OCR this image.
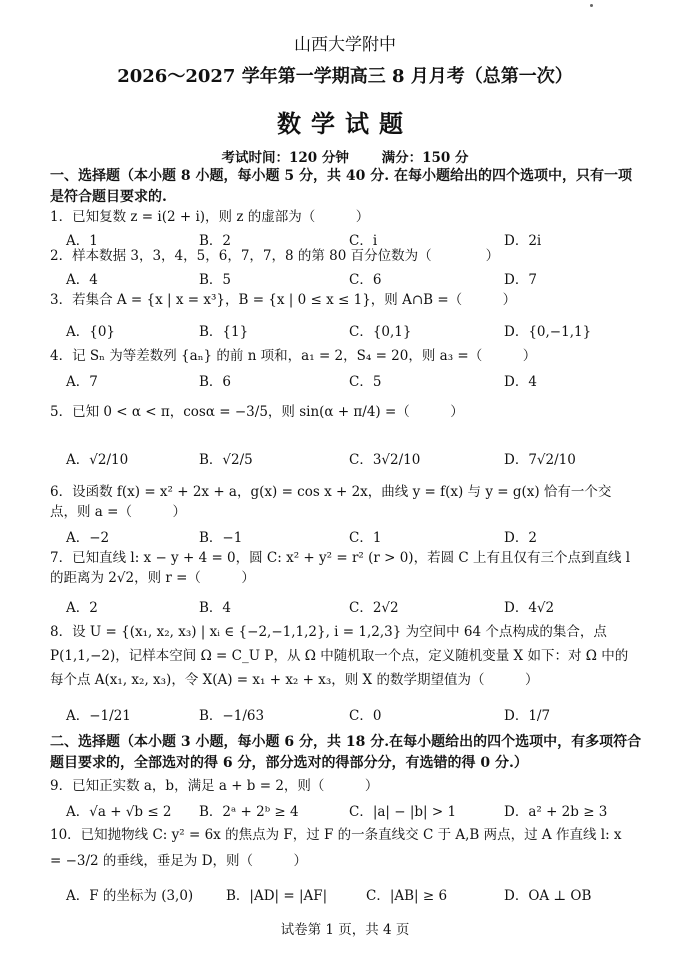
山西大学附中
2026～2027 学年第一学期高三 8 月月考（总第一次）
数学试题
考试时间：120 分钟 满分：150 分
一、选择题（本小题 8 小题，每小题 5 分，共 40 分. 在每小题给出的四个选项中，只有一项是符合题目要求的.
1．已知复数 z = i(2 + i)，则 z 的虚部为（　　　）
A．1	B．2	C．i	D．2i
2．样本数据 3，3，4，5，6，7，7，8 的第 80 百分位数为（　　　　）
A．4	B．5	C．6	D．7
3．若集合 A = {x | x = x³}，B = {x | 0 ≤ x ≤ 1}，则 A∩B =（　　　）
A．{0}	B．{1}	C．{0,1}	D．{0,−1,1}
4．记 Sₙ 为等差数列 {aₙ} 的前 n 项和，a₁ = 2，S₄ = 20，则 a₃ =（　　　）
A．7	B．6	C．5	D．4
5．已知 0 < α < π，cosα = −3/5，则 sin(α + π/4) =（　　　）
A．√2/10	B．√2/5	C．3√2/10	D．7√2/10
6．设函数 f(x) = x² + 2x + a，g(x) = cos x + 2x，曲线 y = f(x) 与 y = g(x) 恰有一个交点，则 a =（　　　）
A．−2	B．−1	C．1	D．2
7．已知直线 l: x − y + 4 = 0，圆 C: x² + y² = r² (r > 0)，若圆 C 上有且仅有三个点到直线 l 的距离为 2√2，则 r =（　　　）
A．2	B．4	C．2√2	D．4√2
8．设 U = {(x₁, x₂, x₃) | xᵢ ∈ {−2,−1,1,2}, i = 1,2,3} 为空间中 64 个点构成的集合，点 P(1,1,−2)，记样本空间 Ω = C_U P，从 Ω 中随机取一个点，定义随机变量 X 如下：对 Ω 中的每个点 A(x₁, x₂, x₃)，令 X(A) = x₁ + x₂ + x₃，则 X 的数学期望值为（　　　）
A．−1/21	B．−1/63	C．0	D．1/7
二、选择题（本小题 3 小题，每小题 6 分，共 18 分.在每小题给出的四个选项中，有多项符合题目要求的，全部选对的得 6 分，部分选对的得部分分，有选错的得 0 分.）
9．已知正实数 a，b，满足 a + b = 2，则（　　　）
A．√a + √b ≤ 2 B．2ᵃ + 2ᵇ ≥ 4	C．|a| − |b| > 1	D．a² + 2b ≥ 3
10．已知抛物线 C: y² = 6x 的焦点为 F，过 F 的一条直线交 C 于 A,B 两点，过 A 作直线 l: x = −3/2 的垂线，垂足为 D，则（　　　）
A．F 的坐标为 (3,0) B．|AD| = |AF|	C．|AB| ≥ 6	D．OA ⊥ OB
试卷第 1 页，共 4 页
